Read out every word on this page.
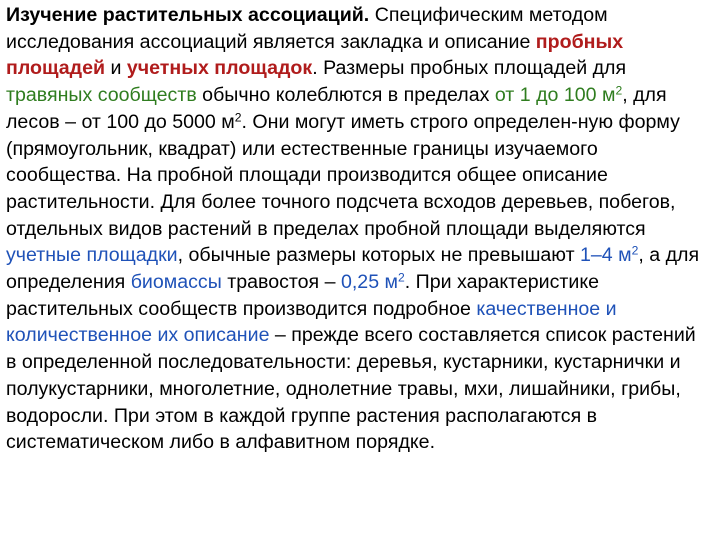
Изучение растительных ассоциаций. Специфическим методом исследования ассоциаций является закладка и описание пробных площадей и учетных площадок. Размеры пробных площадей для травяных сообществ обычно колеблются в пределах от 1 до 100 $м^2$, для лесов – от 100 до 5000 $м^2$. Они могут иметь строго определен-ную форму (прямоугольник, квадрат) или естественные границы изучаемого сообщества. На пробной площади производится общее описание растительности. Для более точного подсчета всходов деревьев, побегов, отдельных видов растений в пределах пробной площади выделяются учетные площадки, обычные размеры которых не превышают 1–4 $м^2$, а для определения биомассы травостоя – 0,25 $м^2$. При характеристике растительных сообществ производится подробное качественное и количественное их описание – прежде всего составляется список растений в определенной последовательности: деревья, кустарники, кустарнички и полукустарники, многолетние, однолетние травы, мхи, лишайники, грибы, водоросли. При этом в каждой группе растения располагаются в систематическом либо в алфавитном порядке.
